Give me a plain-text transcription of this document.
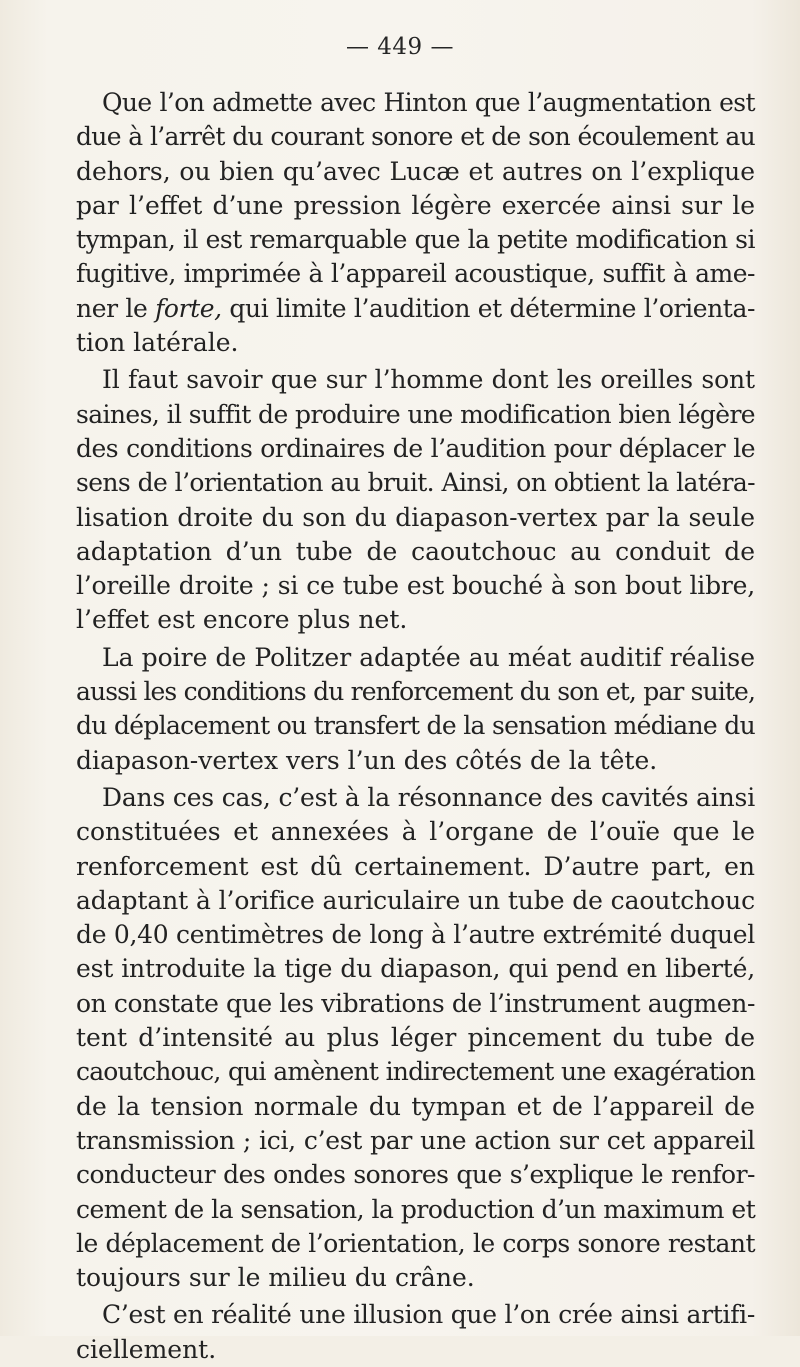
— 449 —

Que l’on admette avec Hinton que l’augmentation est
due à l’arrêt du courant sonore et de son écoulement au
dehors, ou bien qu’avec Lucæ et autres on l’explique
par l’effet d’une pression légère exercée ainsi sur le
tympan, il est remarquable que la petite modification si
fugitive, imprimée à l’appareil acoustique, suffit à ame-
ner le forte, qui limite l’audition et détermine l’orienta-
tion latérale.

Il faut savoir que sur l’homme dont les oreilles sont
saines, il suffit de produire une modification bien légère
des conditions ordinaires de l’audition pour déplacer le
sens de l’orientation au bruit. Ainsi, on obtient la latéra-
lisation droite du son du diapason-vertex par la seule
adaptation d’un tube de caoutchouc au conduit de
l’oreille droite ; si ce tube est bouché à son bout libre,
l’effet est encore plus net.

La poire de Politzer adaptée au méat auditif réalise
aussi les conditions du renforcement du son et, par suite,
du déplacement ou transfert de la sensation médiane du
diapason-vertex vers l’un des côtés de la tête.

Dans ces cas, c’est à la résonnance des cavités ainsi
constituées et annexées à l’organe de l’ouïe que le
renforcement est dû certainement. D’autre part, en
adaptant à l’orifice auriculaire un tube de caoutchouc
de 0,40 centimètres de long à l’autre extrémité duquel
est introduite la tige du diapason, qui pend en liberté,
on constate que les vibrations de l’instrument augmen-
tent d’intensité au plus léger pincement du tube de
caoutchouc, qui amènent indirectement une exagération
de la tension normale du tympan et de l’appareil de
transmission ; ici, c’est par une action sur cet appareil
conducteur des ondes sonores que s’explique le renfor-
cement de la sensation, la production d’un maximum et
le déplacement de l’orientation, le corps sonore restant
toujours sur le milieu du crâne.

C’est en réalité une illusion que l’on crée ainsi artifi-
ciellement.
